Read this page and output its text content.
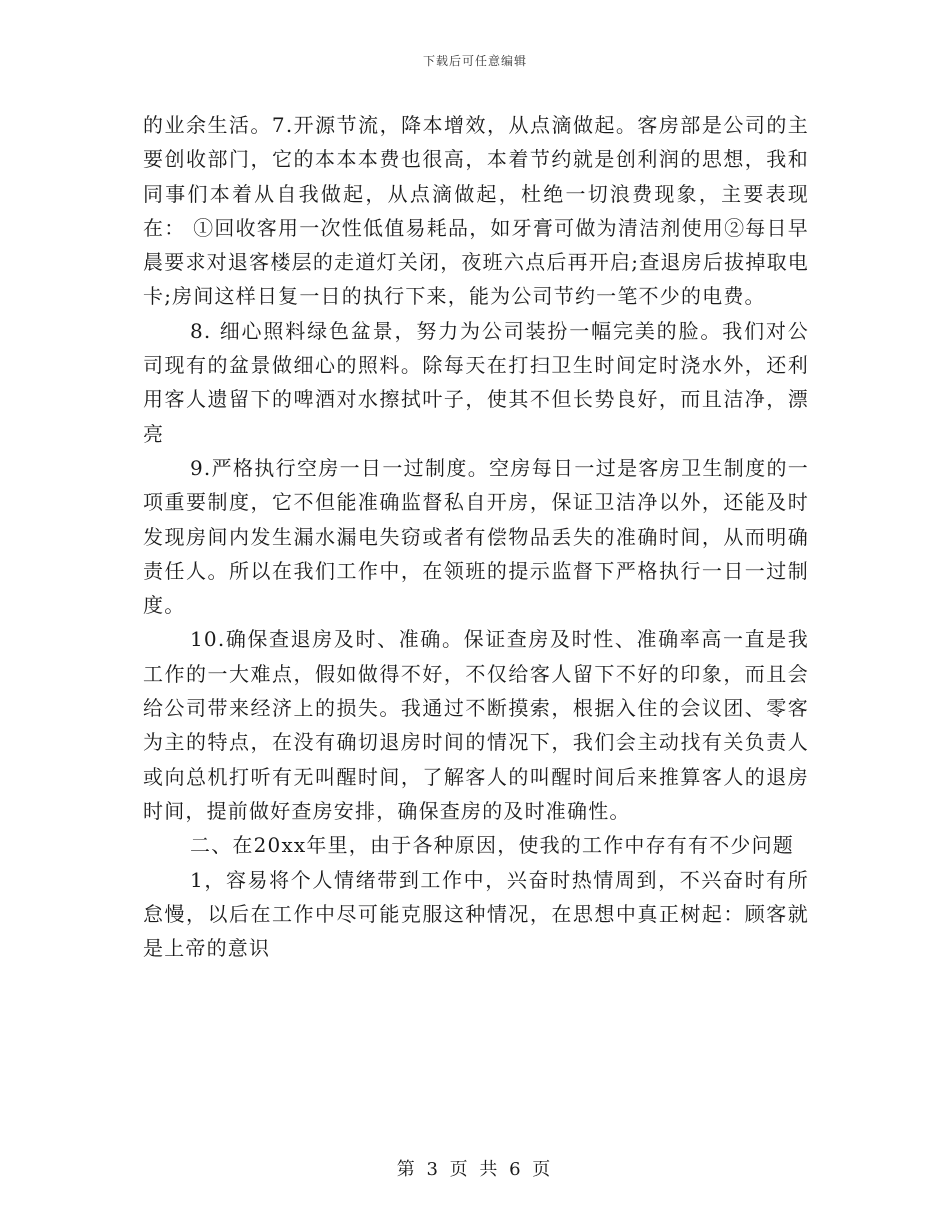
下载后可任意编辑

的业余生活。7.开源节流，降本增效，从点滴做起。客房部是公司的主要创收部门，它的本本本费也很高，本着节约就是创利润的思想，我和同事们本着从自我做起，从点滴做起，杜绝一切浪费现象，主要表现在： ①回收客用一次性低值易耗品，如牙膏可做为清洁剂使用②每日早晨要求对退客楼层的走道灯关闭，夜班六点后再开启;查退房后拔掉取电卡;房间这样日复一日的执行下来，能为公司节约一笔不少的电费。

8. 细心照料绿色盆景，努力为公司装扮一幅完美的脸。我们对公司现有的盆景做细心的照料。除每天在打扫卫生时间定时浇水外，还利用客人遗留下的啤酒对水擦拭叶子，使其不但长势良好，而且洁净，漂亮

9.严格执行空房一日一过制度。空房每日一过是客房卫生制度的一项重要制度，它不但能准确监督私自开房，保证卫洁净以外，还能及时发现房间内发生漏水漏电失窃或者有偿物品丢失的准确时间，从而明确责任人。所以在我们工作中，在领班的提示监督下严格执行一日一过制度。

10.确保查退房及时、准确。保证查房及时性、准确率高一直是我工作的一大难点，假如做得不好，不仅给客人留下不好的印象，而且会给公司带来经济上的损失。我通过不断摸索，根据入住的会议团、零客为主的特点，在没有确切退房时间的情况下，我们会主动找有关负责人或向总机打听有无叫醒时间，了解客人的叫醒时间后来推算客人的退房时间，提前做好查房安排，确保查房的及时准确性。

二、在20xx年里，由于各种原因，使我的工作中存有有不少问题

1，容易将个人情绪带到工作中，兴奋时热情周到，不兴奋时有所怠慢，以后在工作中尽可能克服这种情况，在思想中真正树起：顾客就是上帝的意识

第 3 页 共 6 页
